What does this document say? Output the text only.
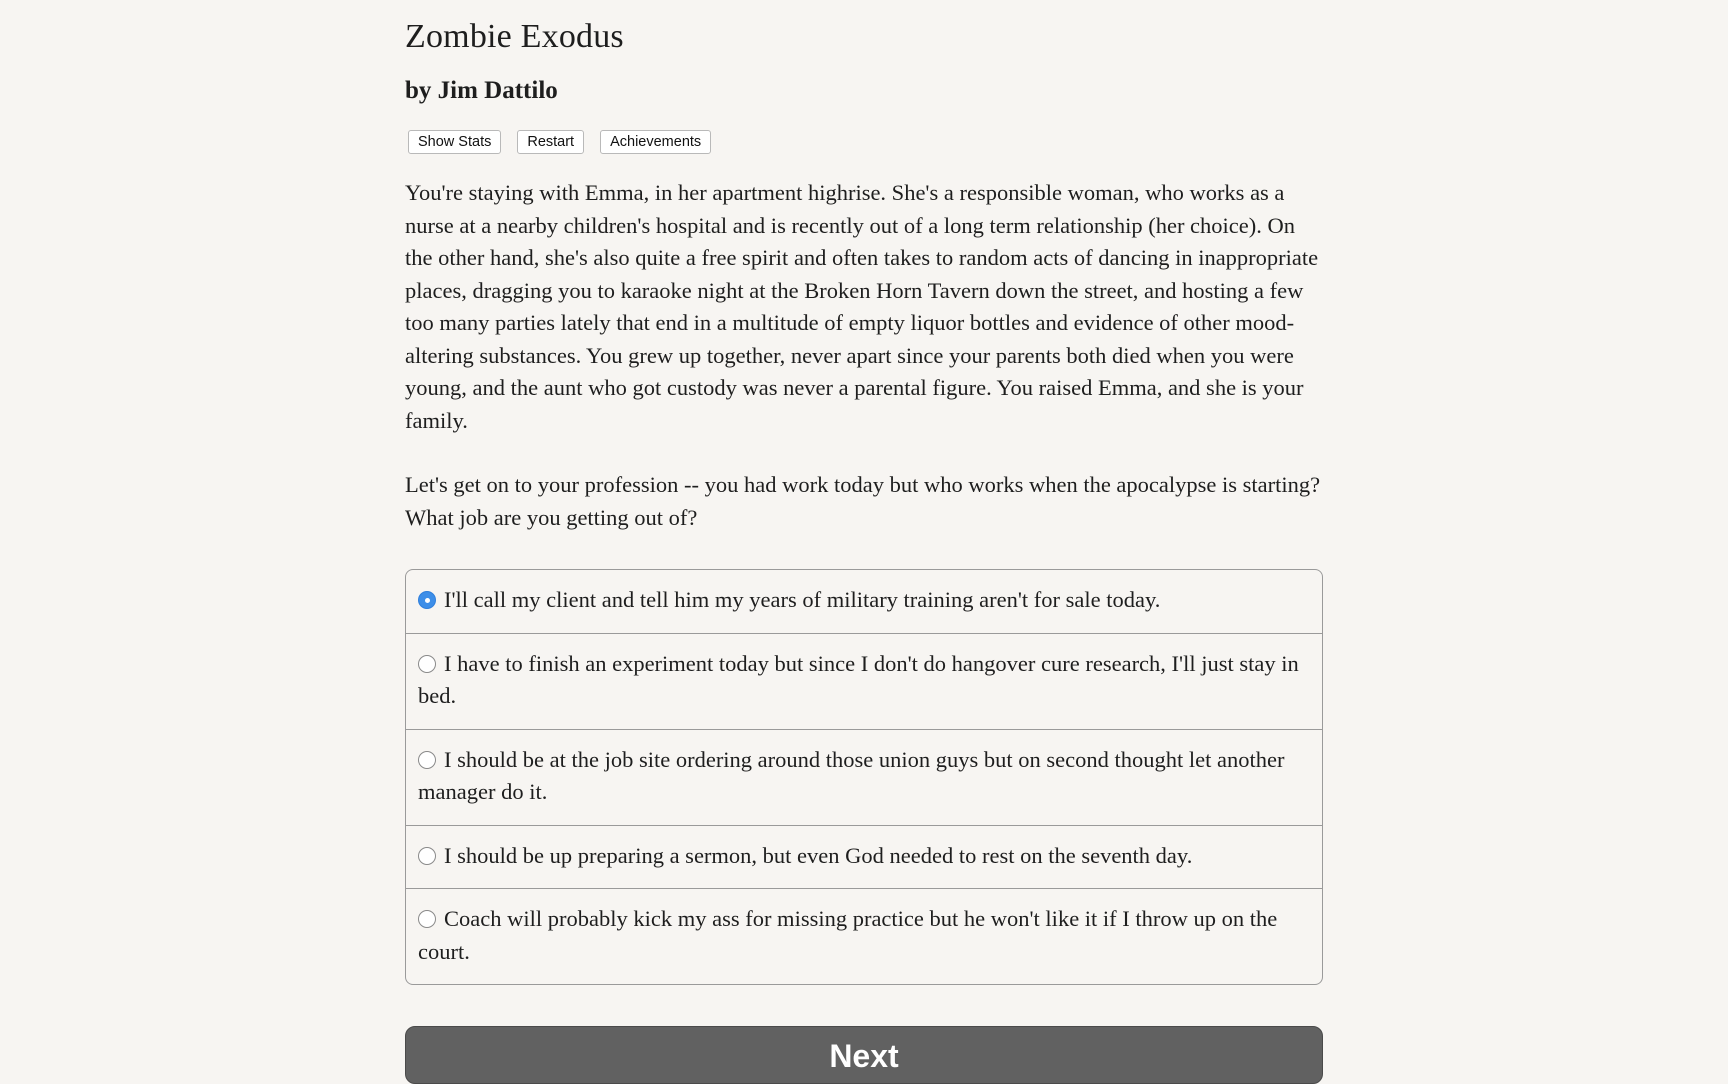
Zombie Exodus
by Jim Dattilo
Show Stats	Restart	Achievements

You're staying with Emma, in her apartment highrise. She's a responsible woman, who works as a nurse at a nearby children's hospital and is recently out of a long term relationship (her choice). On the other hand, she's also quite a free spirit and often takes to random acts of dancing in inappropriate places, dragging you to karaoke night at the Broken Horn Tavern down the street, and hosting a few too many parties lately that end in a multitude of empty liquor bottles and evidence of other mood-altering substances. You grew up together, never apart since your parents both died when you were young, and the aunt who got custody was never a parental figure. You raised Emma, and she is your family.

Let's get on to your profession -- you had work today but who works when the apocalypse is starting? What job are you getting out of?

I'll call my client and tell him my years of military training aren't for sale today.
I have to finish an experiment today but since I don't do hangover cure research, I'll just stay in bed.
I should be at the job site ordering around those union guys but on second thought let another manager do it.
I should be up preparing a sermon, but even God needed to rest on the seventh day.
Coach will probably kick my ass for missing practice but he won't like it if I throw up on the court.
Next
